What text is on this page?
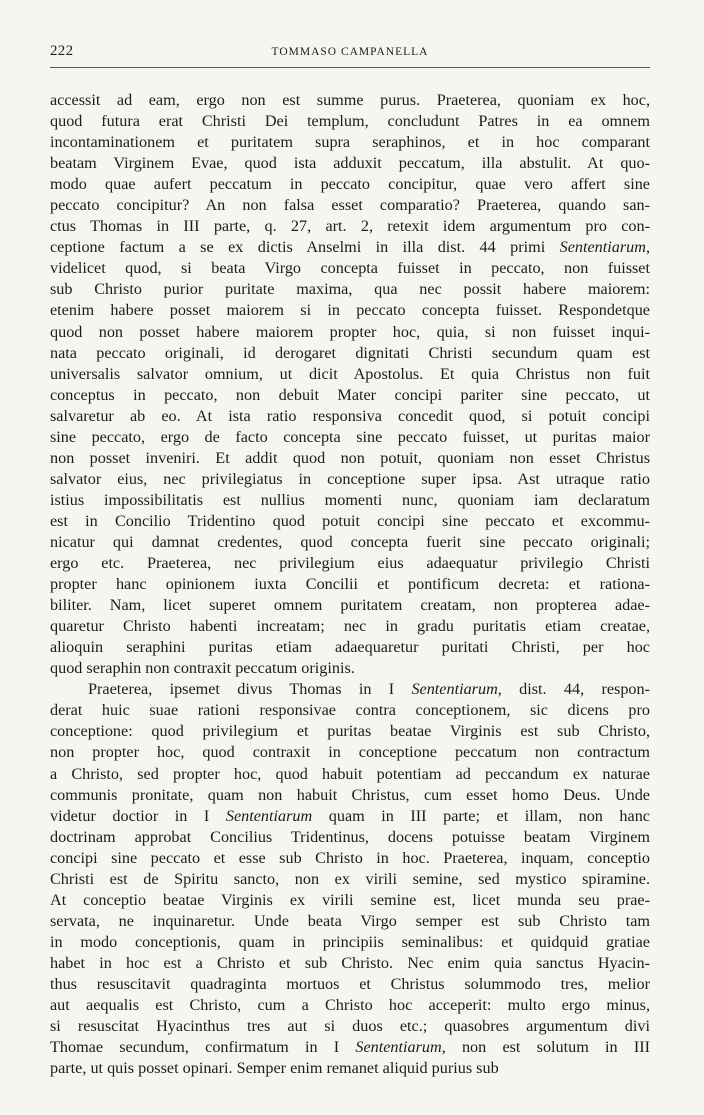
222	TOMMASO CAMPANELLA
accessit ad eam, ergo non est summe purus. Praeterea, quoniam ex hoc,
quod futura erat Christi Dei templum, concludunt Patres in ea omnem
incontaminationem et puritatem supra seraphinos, et in hoc comparant
beatam Virginem Evae, quod ista adduxit peccatum, illa abstulit. At quo-
modo quae aufert peccatum in peccato concipitur, quae vero affert sine
peccato concipitur? An non falsa esset comparatio? Praeterea, quando san-
ctus Thomas in III parte, q. 27, art. 2, retexit idem argumentum pro con-
ceptione factum a se ex dictis Anselmi in illa dist. 44 primi Sententiarum,
videlicet quod, si beata Virgo concepta fuisset in peccato, non fuisset
sub Christo purior puritate maxima, qua nec possit habere maiorem:
etenim habere posset maiorem si in peccato concepta fuisset. Respondetque
quod non posset habere maiorem propter hoc, quia, si non fuisset inqui-
nata peccato originali, id derogaret dignitati Christi secundum quam est
universalis salvator omnium, ut dicit Apostolus. Et quia Christus non fuit
conceptus in peccato, non debuit Mater concipi pariter sine peccato, ut
salvaretur ab eo. At ista ratio responsiva concedit quod, si potuit concipi
sine peccato, ergo de facto concepta sine peccato fuisset, ut puritas maior
non posset inveniri. Et addit quod non potuit, quoniam non esset Christus
salvator eius, nec privilegiatus in conceptione super ipsa. Ast utraque ratio
istius impossibilitatis est nullius momenti nunc, quoniam iam declaratum
est in Concilio Tridentino quod potuit concipi sine peccato et excommu-
nicatur qui damnat credentes, quod concepta fuerit sine peccato originali;
ergo etc. Praeterea, nec privilegium eius adaequatur privilegio Christi
propter hanc opinionem iuxta Concilii et pontificum decreta: et rationa-
biliter. Nam, licet superet omnem puritatem creatam, non propterea adae-
quaretur Christo habenti increatam; nec in gradu puritatis etiam creatae,
alioquin seraphini puritas etiam adaequaretur puritati Christi, per hoc
quod seraphin non contraxit peccatum originis.
Praeterea, ipsemet divus Thomas in I Sententiarum, dist. 44, respon-
derat huic suae rationi responsivae contra conceptionem, sic dicens pro
conceptione: quod privilegium et puritas beatae Virginis est sub Christo,
non propter hoc, quod contraxit in conceptione peccatum non contractum
a Christo, sed propter hoc, quod habuit potentiam ad peccandum ex naturae
communis pronitate, quam non habuit Christus, cum esset homo Deus. Unde
videtur doctior in I Sententiarum quam in III parte; et illam, non hanc
doctrinam approbat Concilius Tridentinus, docens potuisse beatam Virginem
concipi sine peccato et esse sub Christo in hoc. Praeterea, inquam, conceptio
Christi est de Spiritu sancto, non ex virili semine, sed mystico spiramine.
At conceptio beatae Virginis ex virili semine est, licet munda seu prae-
servata, ne inquinaretur. Unde beata Virgo semper est sub Christo tam
in modo conceptionis, quam in principiis seminalibus: et quidquid gratiae
habet in hoc est a Christo et sub Christo. Nec enim quia sanctus Hyacin-
thus resuscitavit quadraginta mortuos et Christus solummodo tres, melior
aut aequalis est Christo, cum a Christo hoc acceperit: multo ergo minus,
si resuscitat Hyacinthus tres aut si duos etc.; quasobres argumentum divi
Thomae secundum, confirmatum in I Sententiarum, non est solutum in III
parte, ut quis posset opinari. Semper enim remanet aliquid purius sub
